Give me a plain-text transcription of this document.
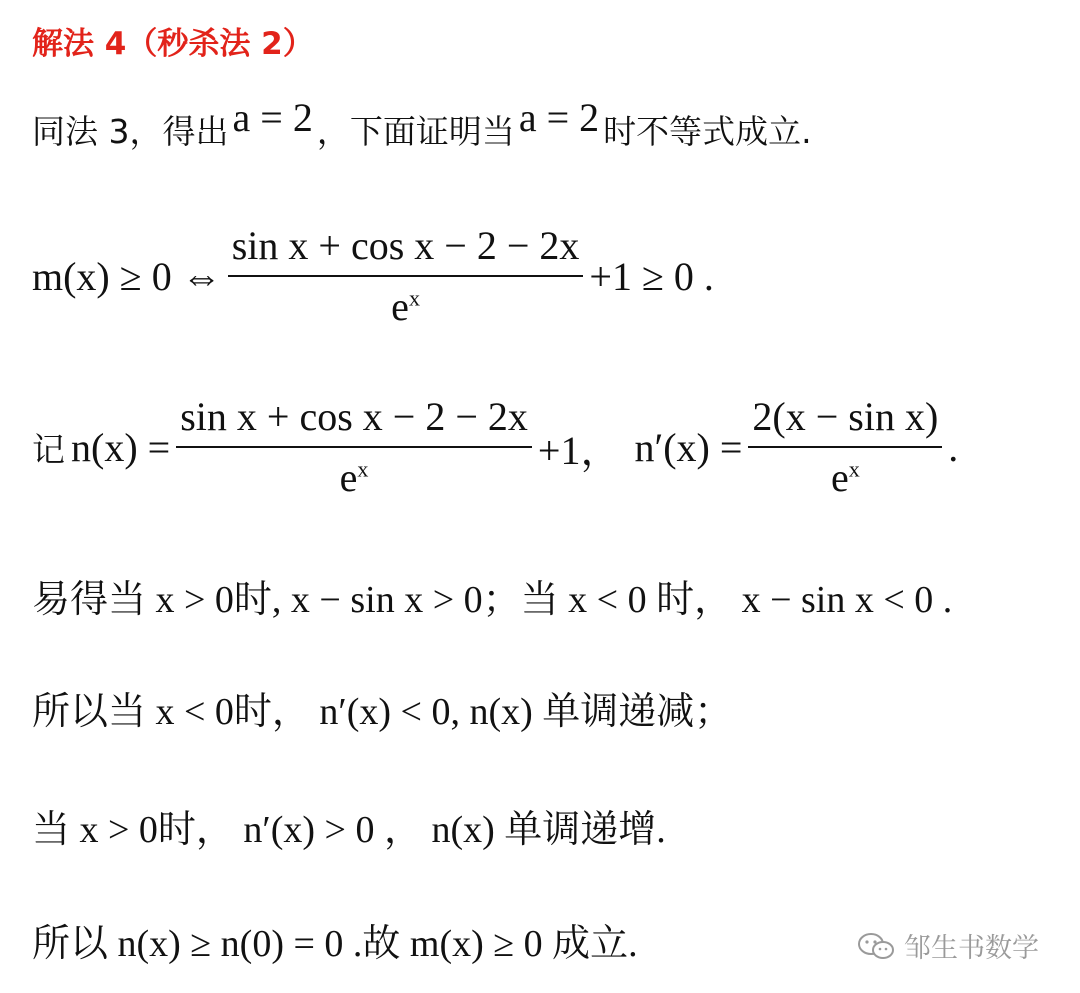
解法 4（秒杀法 2）
同法 3，得出 a = 2 ，下面证明当 a = 2 时不等式成立.
m(x) ≥ 0 ⇔ $\frac{\text{sin x + cos x − 2 − 2x}}{e^x} +1 \ge 0$ .
记 $n(x) = \frac{\text{sin x + cos x − 2 − 2x}}{e^x} +1$， $n'(x) = \frac{\text{2(x − sin x)}}{e^x}$ .
易得当 x > 0时, x − sin x > 0；当 x < 0 时， x − sin x < 0 .
所以当 x < 0时， n′(x) < 0, n(x) 单调递减；
当 x > 0时， n′(x) > 0 ， n(x) 单调递增.
所以 n(x) ≥ n(0) = 0 .故 m(x) ≥ 0 成立.	邹生书数学
